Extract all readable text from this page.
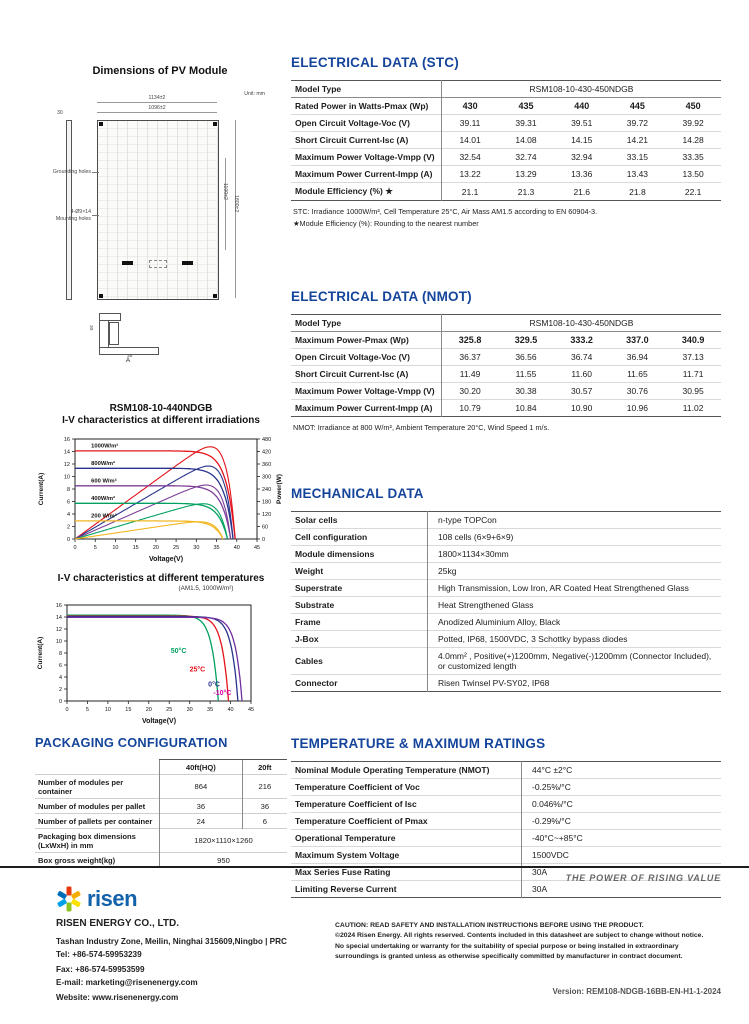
Dimensions of PV Module
Unit: mm
1134±2
1096±2
30
Grounding holes
4-Ø9×14
Mounting holes
1100±2
1800±2
30
35
A
RSM108-10-440NDGB
I-V characteristics at different irradiations
0	5	10	15	20	25	30	35	40	45
0
2
4
6
8
10
12
14
16
0
60
120
180
240
300
360
420
480
Voltage(V)
Current(A)	Power(W)
1000W/m²
800W/m²
600 W/m²
400W/m²
200 W/m²
I-V characteristics at different temperatures
(AM1.5, 1000W/m²)
0	5	10	15	20	25	30	35	40	45
0
2
4
6
8
10
12
14
16
Voltage(V)
Current(A)	50°C
25°C
0°C
-10°C
PACKAGING CONFIGURATION
	40ft(HQ)	20ft
Number of modules per container	864	216
Number of modules per pallet	36	36
Number of pallets per container	24	6
Packaging box dimensions (LxWxH) in mm	1820×1110×1260	
Box gross weight(kg)	950	
ELECTRICAL DATA (STC)
Model Type	RSM108-10-430-450NDGB				
Rated Power in Watts-Pmax (Wp)	430	435	440	445	450
Open Circuit Voltage-Voc (V)	39.11	39.31	39.51	39.72	39.92
Short Circuit Current-Isc (A)	14.01	14.08	14.15	14.21	14.28
Maximum Power Voltage-Vmpp (V)	32.54	32.74	32.94	33.15	33.35
Maximum Power Current-Impp (A)	13.22	13.29	13.36	13.43	13.50
Module Efficiency (%) ★	21.1	21.3	21.6	21.8	22.1
STC: Irradiance 1000W/m², Cell Temperature 25°C, Air Mass AM1.5 according to EN 60904-3.
★Module Efficiency (%): Rounding to the nearest number
ELECTRICAL DATA (NMOT)
Model Type	RSM108-10-430-450NDGB				
Maximum Power-Pmax (Wp)	325.8	329.5	333.2	337.0	340.9
Open Circuit Voltage-Voc (V)	36.37	36.56	36.74	36.94	37.13
Short Circuit Current-Isc (A)	11.49	11.55	11.60	11.65	11.71
Maximum Power Voltage-Vmpp (V)	30.20	30.38	30.57	30.76	30.95
Maximum Power Current-Impp (A)	10.79	10.84	10.90	10.96	11.02
NMOT: Irradiance at 800 W/m², Ambient Temperature 20°C, Wind Speed 1 m/s.
MECHANICAL DATA
Solar cells	n-type TOPCon
Cell configuration	108 cells (6×9+6×9)
Module dimensions	1800×1134×30mm
Weight	25kg
Superstrate	High Transmission, Low Iron, AR Coated Heat Strengthened Glass
Substrate	Heat Strengthened Glass
Frame	Anodized Aluminium Alloy, Black
J-Box	Potted, IP68, 1500VDC, 3 Schottky bypass diodes
Cables	4.0mm² , Positive(+)1200mm, Negative(-)1200mm (Connector Included), or customized length
Connector	Risen Twinsel PV-SY02, IP68
TEMPERATURE & MAXIMUM RATINGS
Nominal Module Operating Temperature (NMOT)	44°C ±2°C
Temperature Coefficient of Voc	-0.25%/°C
Temperature Coefficient of Isc	0.046%/°C
Temperature Coefficient of Pmax	-0.29%/°C
Operational Temperature	-40°C~+85°C
Maximum System Voltage	1500VDC
Max Series Fuse Rating	30A
Limiting Reverse Current	30A
THE POWER OF RISING VALUE
risen
RISEN ENERGY CO., LTD.
Tashan Industry Zone, Meilin, Ninghai 315609,Ningbo | PRC
Tel: +86-574-59953239
Fax: +86-574-59953599
E-mail: marketing@risenenergy.com
Website: www.risenenergy.com
CAUTION: READ SAFETY AND INSTALLATION INSTRUCTIONS BEFORE USING THE PRODUCT.
©2024 Risen Energy. All rights reserved. Contents included in this datasheet are subject to change without notice.
No special undertaking or warranty for the suitability of special purpose or being installed in extraordinary
surroundings is granted unless as otherwise specifically committed by manufacturer in contract document.
Version: REM108-NDGB-16BB-EN-H1-1-2024
